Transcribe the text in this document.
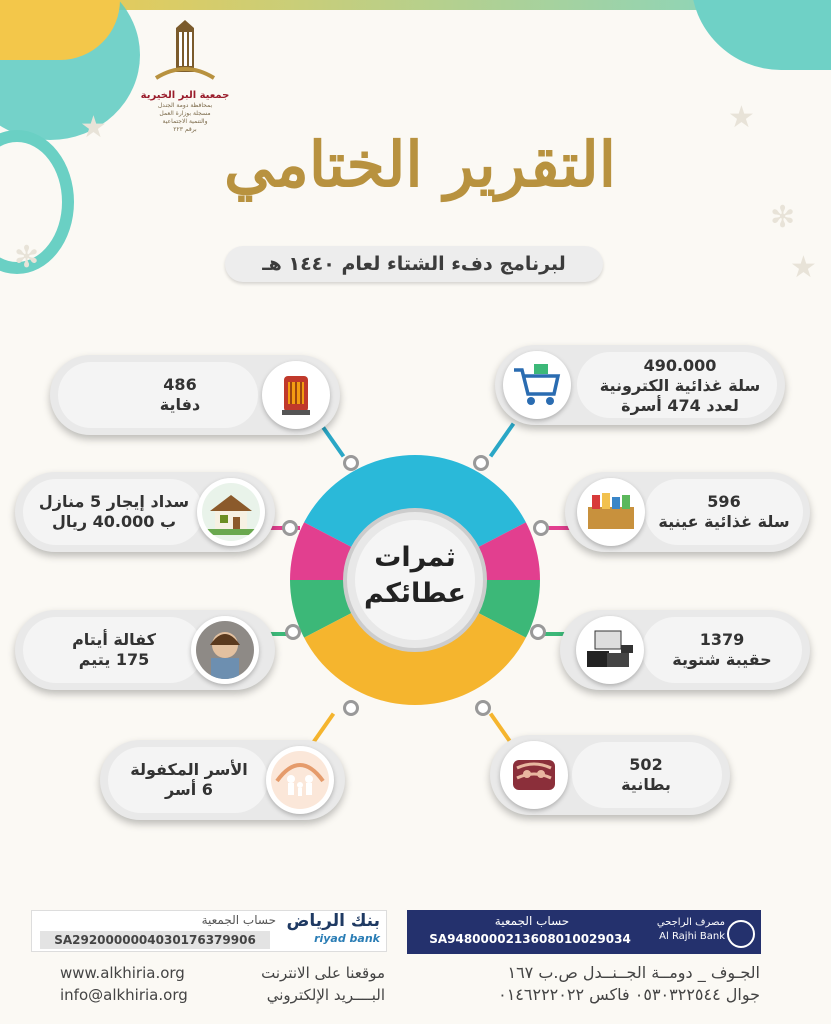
✻
✻
★
★
★
جمعية البر الخيرية
بمحافظة دومة الجندل
مسجلة بوزارة العمل
والتنمية الاجتماعية
برقم ٢٢٣ التقرير الختامي
لبرنامج دفء الشتاء لعام ١٤٤٠ هـ
ثمرات
عطائكم
486
دفاية
سداد إيجار 5 منازل
ب 40.000 ريال
كفالة أيتام
175 يتيم
الأسر المكفولة
6 أسر
490.000
سلة غذائية الكترونية
لعدد 474 أسرة
596
سلة غذائية عينية
1379
حقيبة شتوية
502
بطانية
حساب الجمعية
SA2920000004030176379906
بنك الرياض
riyad bank
حساب الجمعية
SA9480000213608010029034
مصرف الراجحي
Al Rajhi Bank
www.alkhiria.org
info@alkhiria.org
موقعنا على الانترنت
البــــريد الإلكتروني
الجـوف _ دومــة الجــنــدل ص.ب ١٦٧
جوال ٠٥٣٠٣٢٢٥٤٤ فاكس ٠١٤٦٢٢٢٠٢٢
